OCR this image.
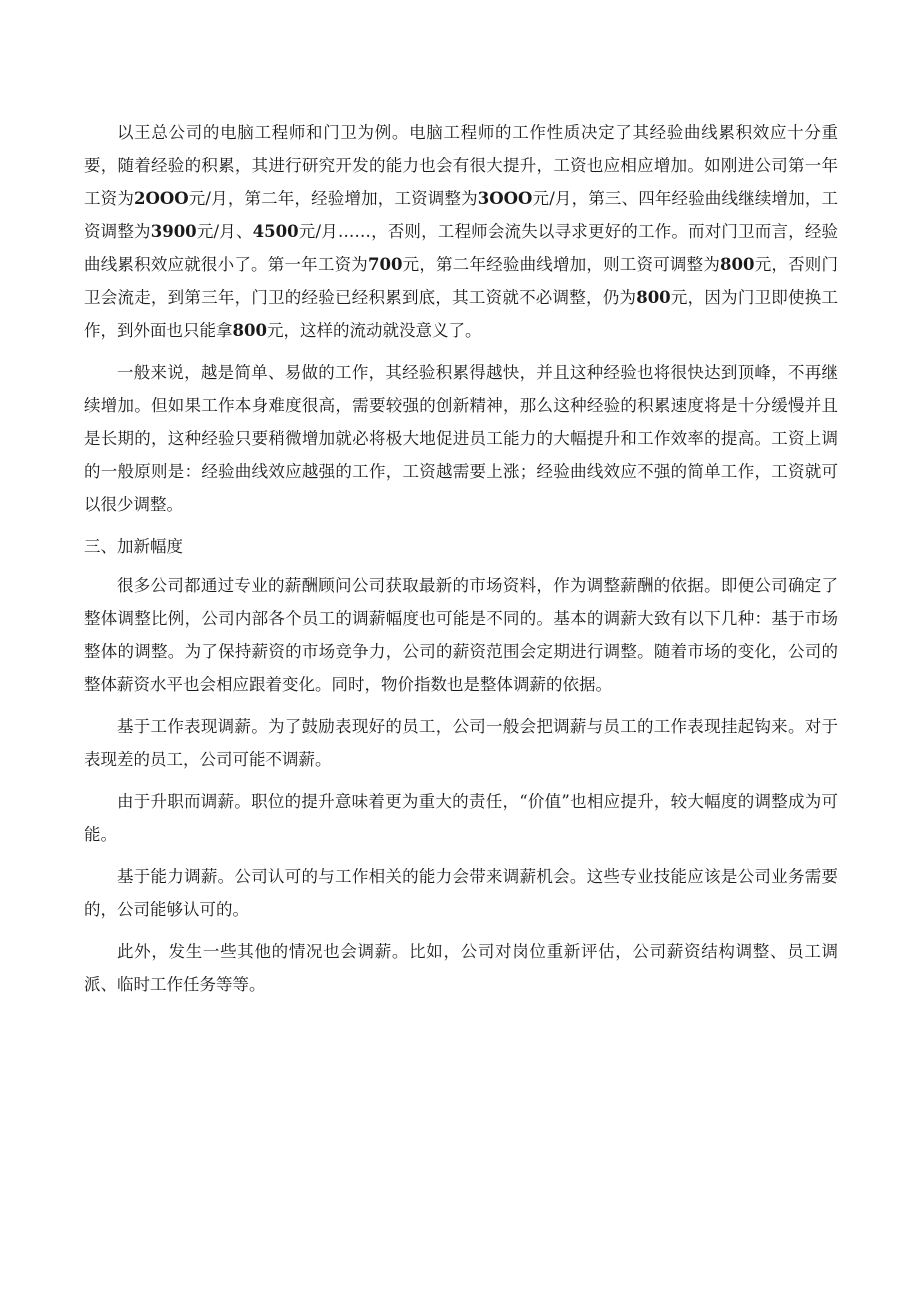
以王总公司的电脑工程师和门卫为例。电脑工程师的工作性质决定了其经验曲线累积效应十分重要，随着经验的积累，其进行研究开发的能力也会有很大提升，工资也应相应增加。如刚进公司第一年工资为2OOO元/月，第二年，经验增加，工资调整为3OOO元/月，第三、四年经验曲线继续增加，工资调整为3900元/月、4500元/月……，否则，工程师会流失以寻求更好的工作。而对门卫而言，经验曲线累积效应就很小了。第一年工资为700元，第二年经验曲线增加，则工资可调整为800元，否则门卫会流走，到第三年，门卫的经验已经积累到底，其工资就不必调整，仍为800元，因为门卫即使换工作，到外面也只能拿800元，这样的流动就没意义了。

一般来说，越是简单、易做的工作，其经验积累得越快，并且这种经验也将很快达到顶峰，不再继续增加。但如果工作本身难度很高，需要较强的创新精神，那么这种经验的积累速度将是十分缓慢并且是长期的，这种经验只要稍微增加就必将极大地促进员工能力的大幅提升和工作效率的提高。工资上调的一般原则是：经验曲线效应越强的工作，工资越需要上涨；经验曲线效应不强的简单工作，工资就可以很少调整。

三、加新幅度

很多公司都通过专业的薪酬顾问公司获取最新的市场资料，作为调整薪酬的依据。即便公司确定了整体调整比例，公司内部各个员工的调薪幅度也可能是不同的。基本的调薪大致有以下几种：基于市场整体的调整。为了保持薪资的市场竞争力，公司的薪资范围会定期进行调整。随着市场的变化，公司的整体薪资水平也会相应跟着变化。同时，物价指数也是整体调薪的依据。

基于工作表现调薪。为了鼓励表现好的员工，公司一般会把调薪与员工的工作表现挂起钩来。对于表现差的员工，公司可能不调薪。

由于升职而调薪。职位的提升意味着更为重大的责任，“价值”也相应提升，较大幅度的调整成为可能。

基于能力调薪。公司认可的与工作相关的能力会带来调薪机会。这些专业技能应该是公司业务需要的，公司能够认可的。

此外，发生一些其他的情况也会调薪。比如，公司对岗位重新评估，公司薪资结构调整、员工调派、临时工作任务等等。
